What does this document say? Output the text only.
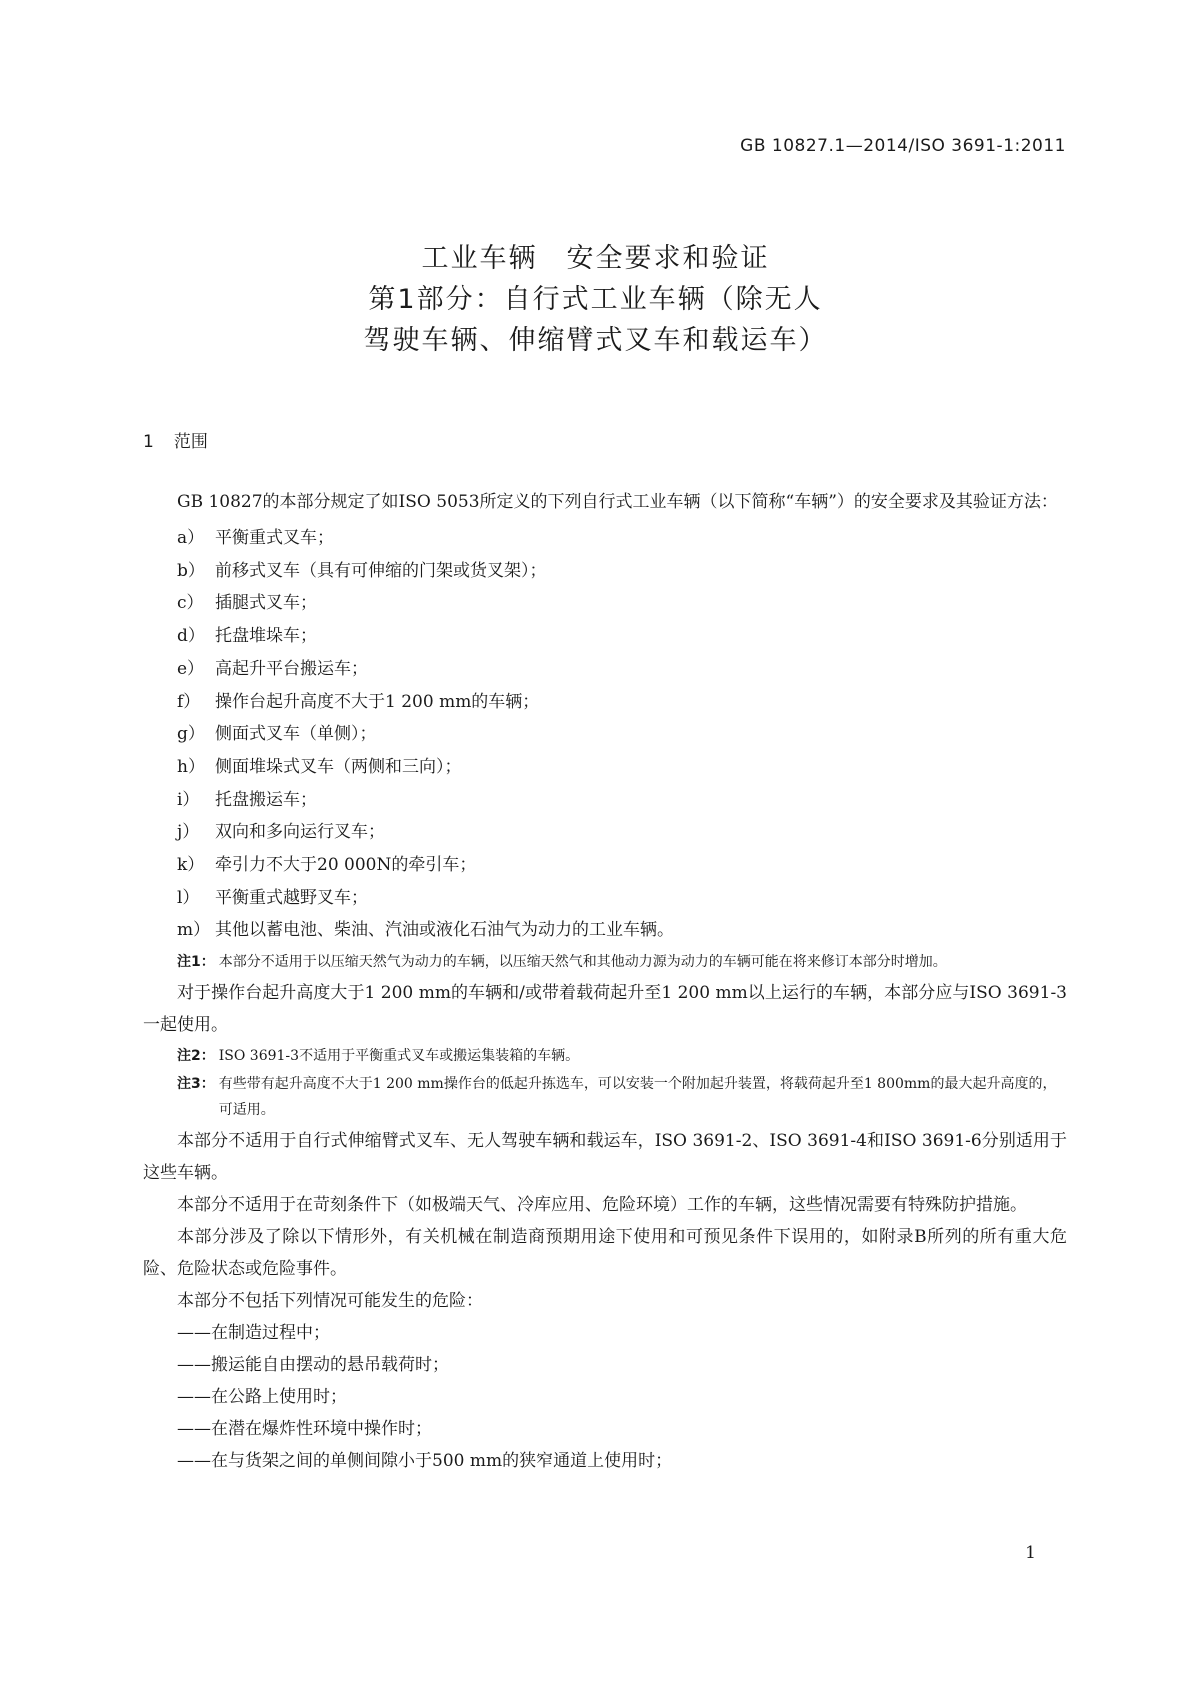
GB 10827.1—2014/ISO 3691-1:2011
工业车辆　安全要求和验证
第1部分：自行式工业车辆（除无人
驾驶车辆、伸缩臂式叉车和载运车）
1 范围

GB 10827的本部分规定了如ISO 5053所定义的下列自行式工业车辆（以下简称“车辆”）的安全要求及其验证方法：

a） 平衡重式叉车；
b） 前移式叉车（具有可伸缩的门架或货叉架）；
c） 插腿式叉车；
d） 托盘堆垛车；
e） 高起升平台搬运车；
f） 操作台起升高度不大于1 200 mm的车辆；
g） 侧面式叉车（单侧）；
h） 侧面堆垛式叉车（两侧和三向）；
i） 托盘搬运车；
j） 双向和多向运行叉车；
k） 牵引力不大于20 000N的牵引车；
l） 平衡重式越野叉车；
m） 其他以蓄电池、柴油、汽油或液化石油气为动力的工业车辆。
注1： 本部分不适用于以压缩天然气为动力的车辆，以压缩天然气和其他动力源为动力的车辆可能在将来修订本部分时增加。

对于操作台起升高度大于1 200 mm的车辆和/或带着载荷起升至1 200 mm以上运行的车辆，本部分应与ISO 3691-3一起使用。

注2： ISO 3691-3不适用于平衡重式叉车或搬运集装箱的车辆。
注3： 有些带有起升高度不大于1 200 mm操作台的低起升拣选车，可以安装一个附加起升装置，将载荷起升至1 800mm的最大起升高度的，可适用。

本部分不适用于自行式伸缩臂式叉车、无人驾驶车辆和载运车，ISO 3691-2、ISO 3691-4和ISO 3691-6分别适用于这些车辆。

本部分不适用于在苛刻条件下（如极端天气、冷库应用、危险环境）工作的车辆，这些情况需要有特殊防护措施。

本部分涉及了除以下情形外，有关机械在制造商预期用途下使用和可预见条件下误用的，如附录B所列的所有重大危险、危险状态或危险事件。

本部分不包括下列情况可能发生的危险：

——在制造过程中；
——搬运能自由摆动的悬吊载荷时；
——在公路上使用时；
——在潜在爆炸性环境中操作时；
——在与货架之间的单侧间隙小于500 mm的狭窄通道上使用时；
1
